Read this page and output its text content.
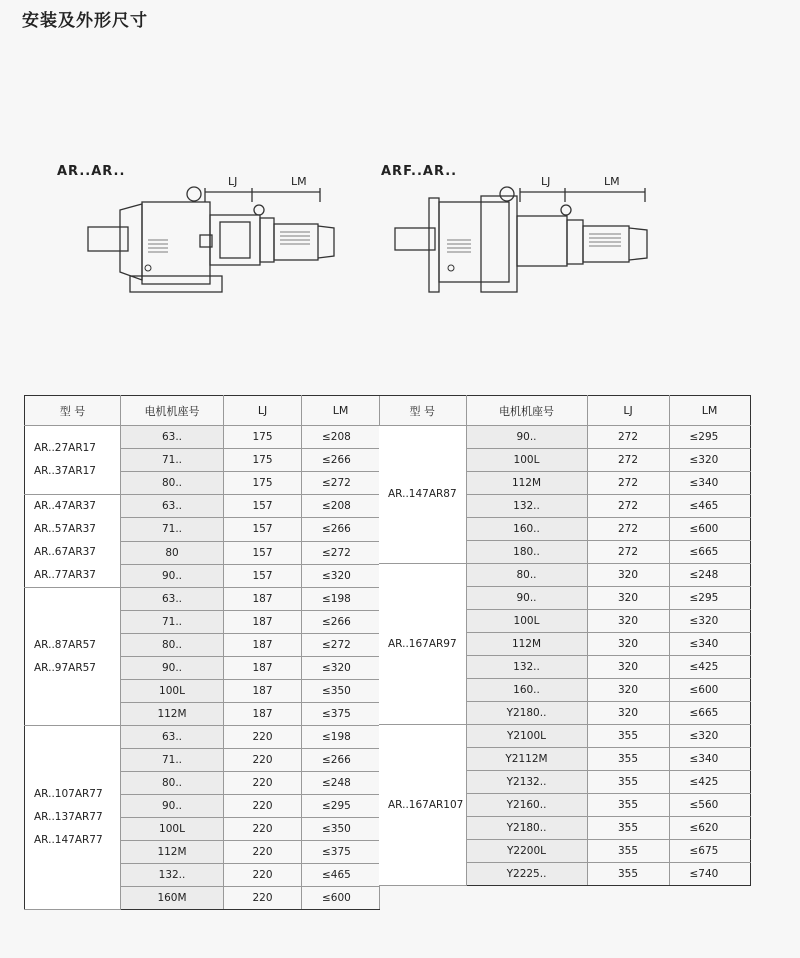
安装及外形尺寸
AR..AR..
LJ	LM
ARF..AR..
LJ	LM
型 号	电机机座号	LJ	LM

AR..27AR17
AR..37AR17	63..	175	≤208
	71..	175	≤266
	80..	175	≤272

AR..47AR37
AR..57AR37
AR..67AR37
AR..77AR37	63..	157	≤208
	71..	157	≤266
	80	157	≤272
	90..	157	≤320

AR..87AR57
AR..97AR57	63..	187	≤198
	71..	187	≤266
	80..	187	≤272
	90..	187	≤320
	100L	187	≤350
	112M	187	≤375

AR..107AR77
AR..137AR77
AR..147AR77	63..	220	≤198
	71..	220	≤266
	80..	220	≤248
	90..	220	≤295
	100L	220	≤350
	112M	220	≤375
	132..	220	≤465
	160M	220	≤600
型 号	电机机座号	LJ	LM

AR..147AR87	90..	272	≤295
	100L	272	≤320
	112M	272	≤340
	132..	272	≤465
	160..	272	≤600
	180..	272	≤665

AR..167AR97	80..	320	≤248
	90..	320	≤295
	100L	320	≤320
	112M	320	≤340
	132..	320	≤425
	160..	320	≤600
	Y2180..	320	≤665

AR..167AR107	Y2100L	355	≤320
	Y2112M	355	≤340
	Y2132..	355	≤425
	Y2160..	355	≤560
	Y2180..	355	≤620
	Y2200L	355	≤675
	Y2225..	355	≤740
